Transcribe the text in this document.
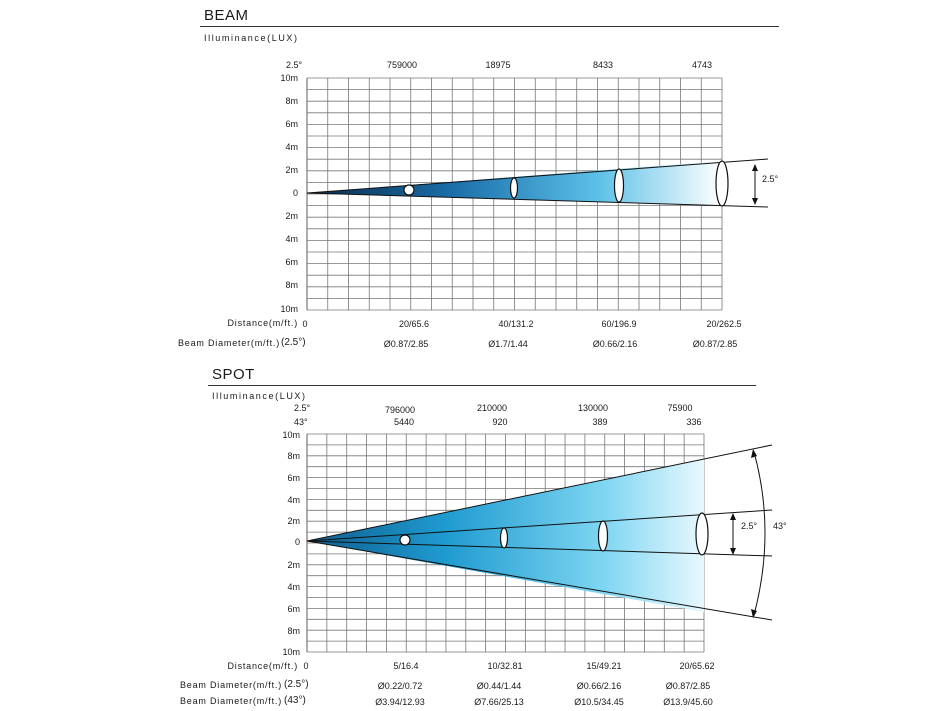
BEAM
Illuminance(LUX)
2.5°	759000	18975	8433	4743
10m
8m
6m
4m
2m
0
2m
4m
6m
8m
10m
2.5°
Distance(m/ft.) 0	20/65.6	40/131.2	60/196.9	20/262.5
Beam Diameter(m/ft.) (2.5°)	Ø0.87/2.85	Ø1.7/1.44	Ø0.66/2.16	Ø0.87/2.85
SPOT
Illuminance(LUX)
2.5°
43°
796000	210000	130000	75900
5440	920	389	336
10m
8m
6m
4m
2m
0
2m
4m
6m
8m
10m
2.5° 43°
Distance(m/ft.) 0	5/16.4	10/32.81	15/49.21	20/65.62
Beam Diameter(m/ft.) (2.5°)	Ø0.22/0.72	Ø0.44/1.44	Ø0.66/2.16	Ø0.87/2.85
Beam Diameter(m/ft.) (43°)	Ø3.94/12.93	Ø7.66/25.13	Ø10.5/34.45	Ø13.9/45.60
